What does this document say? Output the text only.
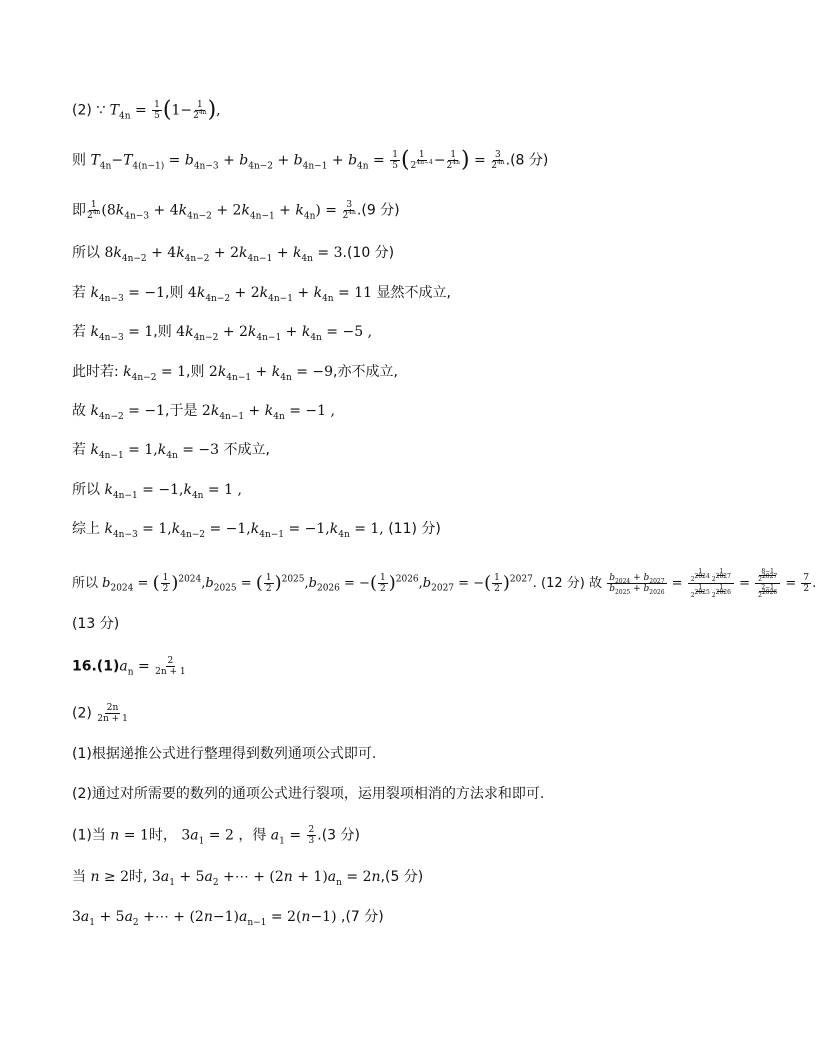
(2) ∵ $T_{4n} = \frac{1}{5} (1- \frac{1}{2^{4n}}$ ),
则 $T_{4n}-T_{4(n-1)} = b_{4n-3} + b_{4n-2} + b_{4n-1} + b_{4n} = \frac{1}{5}$ ( $\frac{1}{2^{4n-4}} - \frac{1}{2^{4n}}$ ) = $\frac{3}{2^{4n}} .(8$ 分)
即 $\frac{1}{2^{4n}} (8k_{4n-3} + 4k_{4n-2} + 2k_{4n-1} + k_{4n}) = \frac{3}{2^{4n}} .(9$ 分)
所以 $8k_{4n-2} + 4k_{4n-2} + 2k_{4n-1} + k_{4n} = 3.(10$ 分)
若 $k_{4n-3} = -1$,则 $4k_{4n-2} + 2k_{4n-1} + k_{4n} = 11$ 显然不成立,
若 $k_{4n-3} = 1$,则 $4k_{4n-2} + 2k_{4n-1} + k_{4n} = -5$ ,
此时若: $k_{4n-2} = 1$,则 $2k_{4n-1} + k_{4n} = -9$,亦不成立,
故 $k_{4n-2} = -1$,于是 $2k_{4n-1} + k_{4n} = -1$ ,
若 $k_{4n-1} = 1,k_{4n} = -3$ 不成立,
所以 $k_{4n-1} = -1,k_{4n} = 1$ ,
综上 $k_{4n-3} = 1,k_{4n-2} = -1,k_{4n-1} = -1,k_{4n} = 1$, (11) 分)
所以 $b_{2024}$ = ( $\frac{1}{2} )^{2024},b_{2025}$ = ( $\frac{1}{2} )^{2025},b_{2026}$ = −( $\frac{1}{2} )^{2026},b_{2027}$ = −( $\frac{1}{2} )^{2027}$. (12 分) 故 $\frac{b_{2024} + b_{2027}}{b_{2025} + b_{2026}} = \frac{\frac{1}{2^{2024}} \frac{1}{2^{2027}}}{\frac{1}{2^{2025}} \frac{1}{2^{2026}}} = \frac{\frac{8-1}{2^{2027}}}{\frac{2-1}{2^{2026}}} = \frac{7}{2}$ .
(13 分)
$16.(1)a_n = \frac{2}{2n + 1}$
$(2) \frac{2n}{2n + 1}$
(1)根据递推公式进行整理得到数列通项公式即可.
(2)通过对所需要的数列的通项公式进行裂项，运用裂项相消的方法求和即可.
(1)当 n = 1时， $3a_1 = 2$ ，得 $a_1 = \frac{2}{3} .(3$ 分)
当 n ≥ 2时, $3a_1 + 5a_2$ +⋯ + $(2n + 1)a_n = 2n,(5$ 分)
$3a_1 + 5a_2$ +⋯ + $(2n-1)a_{n-1} = 2(n-1)$ ,(7 分)
